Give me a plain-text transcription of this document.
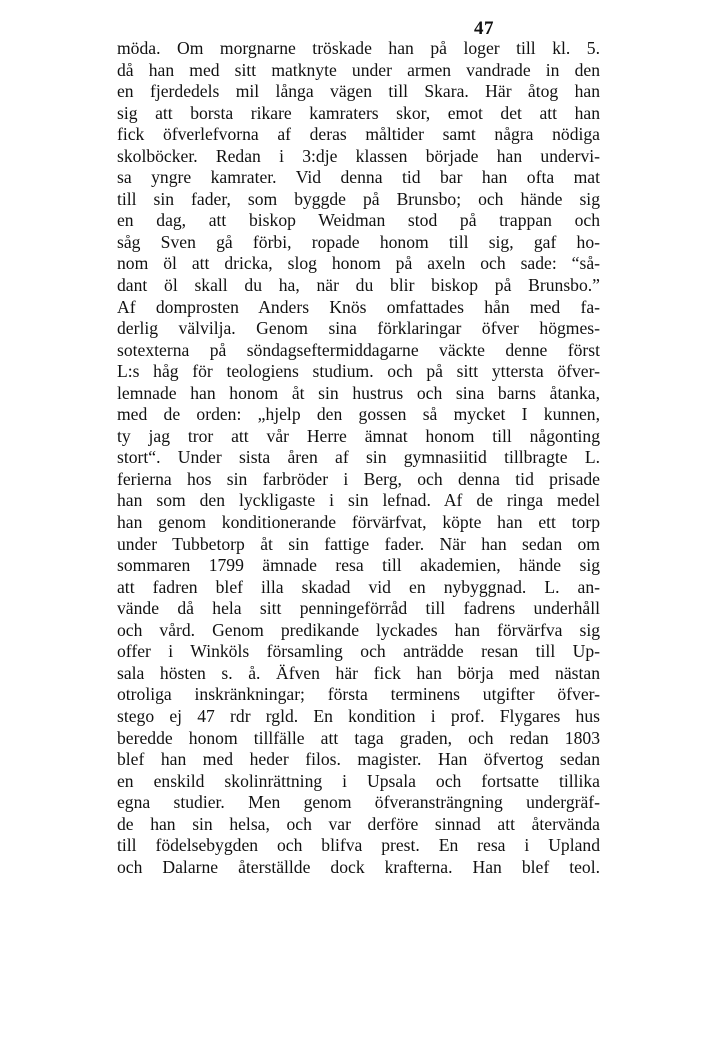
47
möda. Om morgnarne tröskade han på loger till kl. 5.
då han med sitt matknyte under armen vandrade in den
en fjerdedels mil långa vägen till Skara. Här åtog han
sig att borsta rikare kamraters skor, emot det att han
fick öfverlefvorna af deras måltider samt några nödiga
skolböcker. Redan i 3:dje klassen började han undervi-
sa yngre kamrater. Vid denna tid bar han ofta mat
till sin fader, som byggde på Brunsbo; och hände sig
en dag, att biskop Weidman stod på trappan och
såg Sven gå förbi, ropade honom till sig, gaf ho-
nom öl att dricka, slog honom på axeln och sade: “så-
dant öl skall du ha, när du blir biskop på Brunsbo.”
Af domprosten Anders Knös omfattades hån med fa-
derlig välvilja. Genom sina förklaringar öfver högmes-
sotexterna på söndagseftermiddagarne väckte denne först
L:s håg för teologiens studium. och på sitt yttersta öfver-
lemnade han honom åt sin hustrus och sina barns åtanka,
med de orden: „hjelp den gossen så mycket I kunnen,
ty jag tror att vår Herre ämnat honom till någonting
stort“. Under sista åren af sin gymnasiitid tillbragte L.
ferierna hos sin farbröder i Berg, och denna tid prisade
han som den lyckligaste i sin lefnad. Af de ringa medel
han genom konditionerande förvärfvat, köpte han ett torp
under Tubbetorp åt sin fattige fader. När han sedan om
sommaren 1799 ämnade resa till akademien, hände sig
att fadren blef illa skadad vid en nybyggnad. L. an-
vände då hela sitt penningeförråd till fadrens underhåll
och vård. Genom predikande lyckades han förvärfva sig
offer i Winköls församling och anträdde resan till Up-
sala hösten s. å. Äfven här fick han börja med nästan
otroliga inskränkningar; första terminens utgifter öfver-
stego ej 47 rdr rgld. En kondition i prof. Flygares hus
beredde honom tillfälle att taga graden, och redan 1803
blef han med heder filos. magister. Han öfvertog sedan
en enskild skolinrättning i Upsala och fortsatte tillika
egna studier. Men genom öfveransträngning undergräf-
de han sin helsa, och var derföre sinnad att återvända
till födelsebygden och blifva prest. En resa i Upland
och Dalarne återställde dock krafterna. Han blef teol.
